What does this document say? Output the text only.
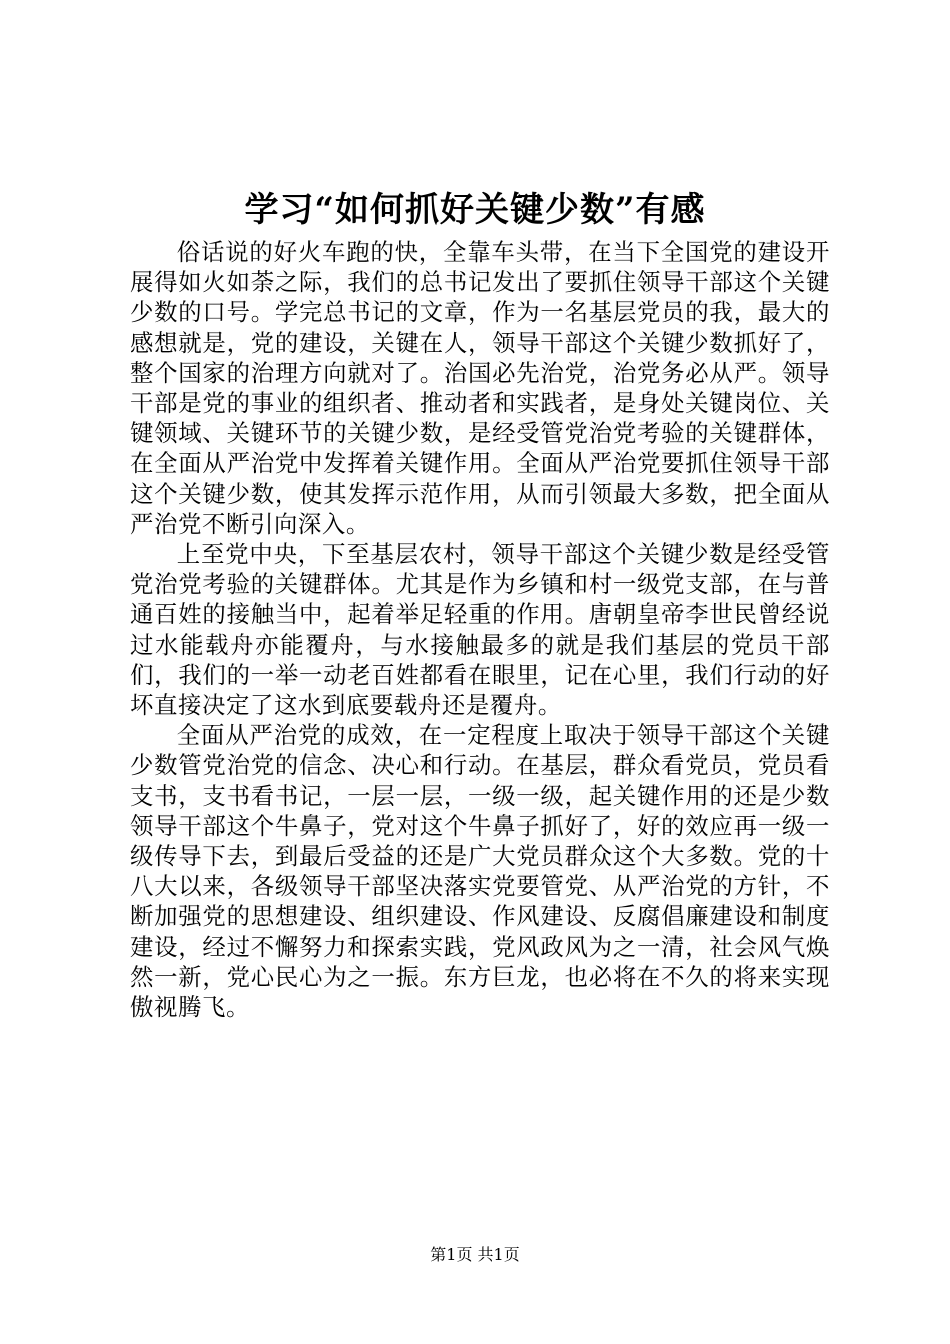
学习“如何抓好关键少数”有感

俗话说的好火车跑的快，全靠车头带，在当下全国党的建设开展得如火如荼之际，我们的总书记发出了要抓住领导干部这个关键少数的口号。学完总书记的文章，作为一名基层党员的我，最大的感想就是，党的建设，关键在人，领导干部这个关键少数抓好了，整个国家的治理方向就对了。治国必先治党，治党务必从严。领导干部是党的事业的组织者、推动者和实践者，是身处关键岗位、关键领域、关键环节的关键少数，是经受管党治党考验的关键群体，在全面从严治党中发挥着关键作用。全面从严治党要抓住领导干部这个关键少数，使其发挥示范作用，从而引领最大多数，把全面从严治党不断引向深入。

上至党中央，下至基层农村，领导干部这个关键少数是经受管党治党考验的关键群体。尤其是作为乡镇和村一级党支部，在与普通百姓的接触当中，起着举足轻重的作用。唐朝皇帝李世民曾经说过水能载舟亦能覆舟，与水接触最多的就是我们基层的党员干部们，我们的一举一动老百姓都看在眼里，记在心里，我们行动的好坏直接决定了这水到底要载舟还是覆舟。

全面从严治党的成效，在一定程度上取决于领导干部这个关键少数管党治党的信念、决心和行动。在基层，群众看党员，党员看支书，支书看书记，一层一层，一级一级，起关键作用的还是少数领导干部这个牛鼻子，党对这个牛鼻子抓好了，好的效应再一级一级传导下去，到最后受益的还是广大党员群众这个大多数。党的十八大以来，各级领导干部坚决落实党要管党、从严治党的方针，不断加强党的思想建设、组织建设、作风建设、反腐倡廉建设和制度建设，经过不懈努力和探索实践，党风政风为之一清，社会风气焕然一新，党心民心为之一振。东方巨龙，也必将在不久的将来实现傲视腾飞。

第1页 共1页
